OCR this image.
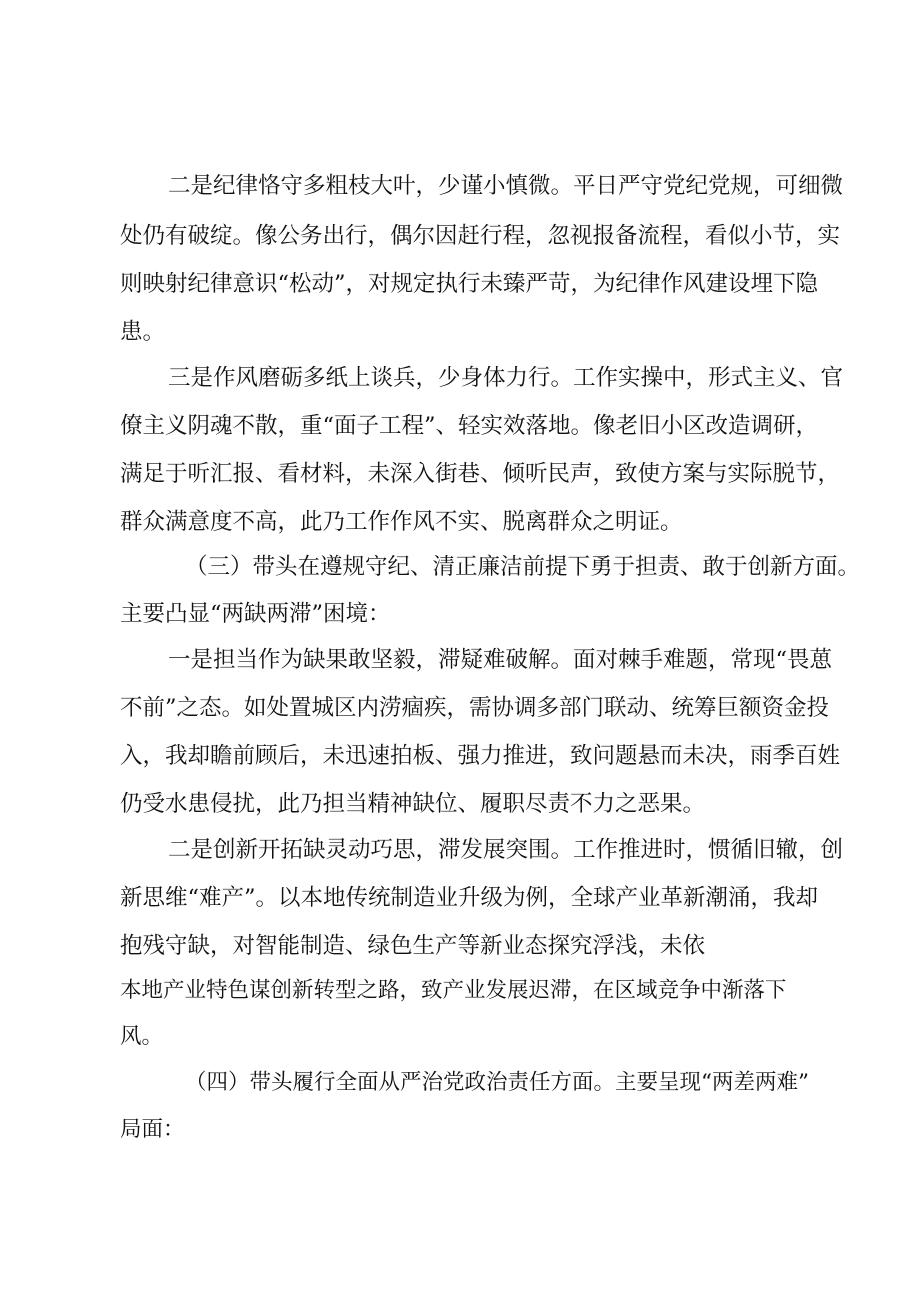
二是纪律恪守多粗枝大叶，少谨小慎微。平日严守党纪党规，可细微

处仍有破绽。像公务出行，偶尔因赶行程，忽视报备流程，看似小节，实

则映射纪律意识“松动”，对规定执行未臻严苛，为纪律作风建设埋下隐

患。

三是作风磨砺多纸上谈兵，少身体力行。工作实操中，形式主义、官

僚主义阴魂不散，重“面子工程”、轻实效落地。像老旧小区改造调研，

满足于听汇报、看材料，未深入街巷、倾听民声，致使方案与实际脱节，

群众满意度不高，此乃工作作风不实、脱离群众之明证。

（三）带头在遵规守纪、清正廉洁前提下勇于担责、敢于创新方面。

主要凸显“两缺两滞”困境：

一是担当作为缺果敢坚毅，滞疑难破解。面对棘手难题，常现“畏葸

不前”之态。如处置城区内涝痼疾，需协调多部门联动、统筹巨额资金投

入，我却瞻前顾后，未迅速拍板、强力推进，致问题悬而未决，雨季百姓

仍受水患侵扰，此乃担当精神缺位、履职尽责不力之恶果。

二是创新开拓缺灵动巧思，滞发展突围。工作推进时，惯循旧辙，创

新思维“难产”。以本地传统制造业升级为例，全球产业革新潮涌，我却

抱残守缺，对智能制造、绿色生产等新业态探究浮浅，未依

本地产业特色谋创新转型之路，致产业发展迟滞，在区域竞争中渐落下

风。

（四）带头履行全面从严治党政治责任方面。主要呈现“两差两难”

局面：
